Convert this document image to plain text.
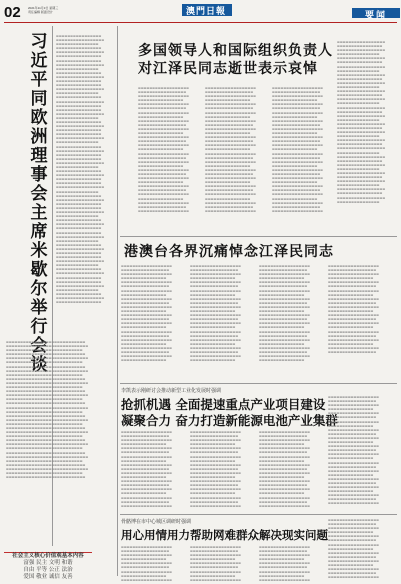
02 2021年11月3日 星期三
责任编辑 版面设计	澳門日報	要闻
习近平同欧洲理事会主席米歇尔举行会谈
▬▬▬▬▬▬▬▬▬▬▬▬▬▬▬▬ ▬▬▬▬▬▬▬▬▬▬▬▬▬▬▬▬▬ ▬▬▬▬▬▬▬▬▬▬▬▬▬▬▬ ▬▬▬▬▬▬▬▬▬▬▬▬▬▬▬▬ ▬▬▬▬▬▬▬▬▬▬▬▬▬▬▬▬▬ ▬▬▬▬▬▬▬▬▬▬▬▬▬▬▬▬ ▬▬▬▬▬▬▬▬▬▬▬▬▬▬▬▬ ▬▬▬▬▬▬▬▬▬▬▬▬▬▬▬▬▬ ▬▬▬▬▬▬▬▬▬▬▬▬▬▬▬ ▬▬▬▬▬▬▬▬▬▬▬▬▬▬▬▬ ▬▬▬▬▬▬▬▬▬▬▬▬▬▬▬▬▬ ▬▬▬▬▬▬▬▬▬▬▬▬▬▬▬▬ ▬▬▬▬▬▬▬▬▬▬▬▬▬▬▬▬ ▬▬▬▬▬▬▬▬▬▬▬▬▬▬▬▬▬ ▬▬▬▬▬▬▬▬▬▬▬▬▬▬▬ ▬▬▬▬▬▬▬▬▬▬▬▬▬▬▬▬ ▬▬▬▬▬▬▬▬▬▬▬▬▬▬▬▬▬ ▬▬▬▬▬▬▬▬▬▬▬▬▬▬▬▬ ▬▬▬▬▬▬▬▬▬▬▬▬▬▬▬▬ ▬▬▬▬▬▬▬▬▬▬▬▬▬▬▬▬▬ ▬▬▬▬▬▬▬▬▬▬▬▬▬▬▬ ▬▬▬▬▬▬▬▬▬▬▬▬▬▬▬▬ ▬▬▬▬▬▬▬▬▬▬▬▬▬▬▬▬▬ ▬▬▬▬▬▬▬▬▬▬▬▬▬▬▬▬ ▬▬▬▬▬▬▬▬▬▬▬▬▬▬▬▬ ▬▬▬▬▬▬▬▬▬▬▬▬▬▬▬▬▬ ▬▬▬▬▬▬▬▬▬▬▬▬▬▬▬ ▬▬▬▬▬▬▬▬▬▬▬▬▬▬▬▬ ▬▬▬▬▬▬▬▬▬▬▬▬▬▬▬▬▬ ▬▬▬▬▬▬▬▬▬▬▬▬▬▬▬▬ ▬▬▬▬▬▬▬▬▬▬▬▬▬▬▬▬ ▬▬▬▬▬▬▬▬▬▬▬▬▬▬▬▬▬ ▬▬▬▬▬▬▬▬▬▬▬▬▬▬▬ ▬▬▬▬▬▬▬▬▬▬▬▬▬▬▬▬ ▬▬▬▬▬▬▬▬▬▬▬▬▬▬▬▬▬ ▬▬▬▬▬▬▬▬▬▬▬▬▬▬▬▬ ▬▬▬▬▬▬▬▬▬▬▬▬▬▬▬▬ ▬▬▬▬▬▬▬▬▬▬▬▬▬▬▬▬▬ ▬▬▬▬▬▬▬▬▬▬▬▬▬▬▬ ▬▬▬▬▬▬▬▬▬▬▬▬▬▬▬▬ ▬▬▬▬▬▬▬▬▬▬▬▬▬▬▬▬▬ ▬▬▬▬▬▬▬▬▬▬▬▬▬▬▬▬ ▬▬▬▬▬▬▬▬▬▬▬▬▬▬▬▬ ▬▬▬▬▬▬▬▬▬▬▬▬▬▬▬▬▬ ▬▬▬▬▬▬▬▬▬▬▬▬▬▬▬ ▬▬▬▬▬▬▬▬▬▬▬▬▬▬▬▬ ▬▬▬▬▬▬▬▬▬▬▬▬▬▬▬▬▬ ▬▬▬▬▬▬▬▬▬▬▬▬▬▬▬▬ ▬▬▬▬▬▬▬▬▬▬▬▬▬▬▬▬ ▬▬▬▬▬▬▬▬▬▬▬▬▬▬▬▬▬ ▬▬▬▬▬▬▬▬▬▬▬▬▬▬▬ ▬▬▬▬▬▬▬▬▬▬▬▬▬▬▬▬ ▬▬▬▬▬▬▬▬▬▬▬▬▬▬▬▬▬ ▬▬▬▬▬▬▬▬▬▬▬▬▬▬▬▬ ▬▬▬▬▬▬▬▬▬▬▬▬▬▬▬▬ ▬▬▬▬▬▬▬▬▬▬▬▬▬▬▬▬▬ ▬▬▬▬▬▬▬▬▬▬▬▬▬▬▬ ▬▬▬▬▬▬▬▬▬▬▬▬▬▬▬▬ ▬▬▬▬▬▬▬▬▬▬▬▬▬▬▬▬▬ ▬▬▬▬▬▬▬▬▬▬▬▬▬▬▬▬ ▬▬▬▬▬▬▬▬▬▬▬▬▬▬▬▬ ▬▬▬▬▬▬▬▬▬▬▬▬▬▬▬▬▬ ▬▬▬▬▬▬▬▬▬▬▬▬▬▬▬ ▬▬▬▬▬▬▬▬▬▬▬▬▬▬▬▬ ▬▬▬▬▬▬▬▬▬▬▬▬▬▬▬▬▬ ▬▬▬▬▬▬▬▬▬▬▬▬▬▬▬▬
▬▬▬▬▬▬▬▬▬▬▬▬▬▬▬▬▬▬▬▬▬▬▬▬▬▬▬▬ ▬▬▬▬▬▬▬▬▬▬▬▬▬▬▬▬▬▬▬▬▬▬▬▬▬▬▬▬▬ ▬▬▬▬▬▬▬▬▬▬▬▬▬▬▬▬▬▬▬▬▬▬▬▬▬▬▬ ▬▬▬▬▬▬▬▬▬▬▬▬▬▬▬▬▬▬▬▬▬▬▬▬▬▬▬▬ ▬▬▬▬▬▬▬▬▬▬▬▬▬▬▬▬▬▬▬▬▬▬▬▬▬▬▬▬▬ ▬▬▬▬▬▬▬▬▬▬▬▬▬▬▬▬▬▬▬▬▬▬▬▬▬▬▬ ▬▬▬▬▬▬▬▬▬▬▬▬▬▬▬▬▬▬▬▬▬▬▬▬▬▬▬▬ ▬▬▬▬▬▬▬▬▬▬▬▬▬▬▬▬▬▬▬▬▬▬▬▬▬▬▬▬▬ ▬▬▬▬▬▬▬▬▬▬▬▬▬▬▬▬▬▬▬▬▬▬▬▬▬▬▬ ▬▬▬▬▬▬▬▬▬▬▬▬▬▬▬▬▬▬▬▬▬▬▬▬▬▬▬▬ ▬▬▬▬▬▬▬▬▬▬▬▬▬▬▬▬▬▬▬▬▬▬▬▬▬▬▬▬▬ ▬▬▬▬▬▬▬▬▬▬▬▬▬▬▬▬▬▬▬▬▬▬▬▬▬▬▬ ▬▬▬▬▬▬▬▬▬▬▬▬▬▬▬▬▬▬▬▬▬▬▬▬▬▬▬▬ ▬▬▬▬▬▬▬▬▬▬▬▬▬▬▬▬▬▬▬▬▬▬▬▬▬▬▬▬▬ ▬▬▬▬▬▬▬▬▬▬▬▬▬▬▬▬▬▬▬▬▬▬▬▬▬▬▬ ▬▬▬▬▬▬▬▬▬▬▬▬▬▬▬▬▬▬▬▬▬▬▬▬▬▬▬▬ ▬▬▬▬▬▬▬▬▬▬▬▬▬▬▬▬▬▬▬▬▬▬▬▬▬▬▬▬▬ ▬▬▬▬▬▬▬▬▬▬▬▬▬▬▬▬▬▬▬▬▬▬▬▬▬▬▬ ▬▬▬▬▬▬▬▬▬▬▬▬▬▬▬▬▬▬▬▬▬▬▬▬▬▬▬▬ ▬▬▬▬▬▬▬▬▬▬▬▬▬▬▬▬▬▬▬▬▬▬▬▬▬▬▬▬▬ ▬▬▬▬▬▬▬▬▬▬▬▬▬▬▬▬▬▬▬▬▬▬▬▬▬▬▬ ▬▬▬▬▬▬▬▬▬▬▬▬▬▬▬▬▬▬▬▬▬▬▬▬▬▬▬▬ ▬▬▬▬▬▬▬▬▬▬▬▬▬▬▬▬▬▬▬▬▬▬▬▬▬▬▬▬▬ ▬▬▬▬▬▬▬▬▬▬▬▬▬▬▬▬▬▬▬▬▬▬▬▬▬▬▬ ▬▬▬▬▬▬▬▬▬▬▬▬▬▬▬▬▬▬▬▬▬▬▬▬▬▬▬▬ ▬▬▬▬▬▬▬▬▬▬▬▬▬▬▬▬▬▬▬▬▬▬▬▬▬▬▬▬▬ ▬▬▬▬▬▬▬▬▬▬▬▬▬▬▬▬▬▬▬▬▬▬▬▬▬▬▬ ▬▬▬▬▬▬▬▬▬▬▬▬▬▬▬▬▬▬▬▬▬▬▬▬▬▬▬▬ ▬▬▬▬▬▬▬▬▬▬▬▬▬▬▬▬▬▬▬▬▬▬▬▬▬▬▬▬▬ ▬▬▬▬▬▬▬▬▬▬▬▬▬▬▬▬▬▬▬▬▬▬▬▬▬▬▬ ▬▬▬▬▬▬▬▬▬▬▬▬▬▬▬▬▬▬▬▬▬▬▬▬▬▬▬▬ ▬▬▬▬▬▬▬▬▬▬▬▬▬▬▬▬▬▬▬▬▬▬▬▬▬▬▬▬▬ ▬▬▬▬▬▬▬▬▬▬▬▬▬▬▬▬▬▬▬▬▬▬▬▬▬▬▬ ▬▬▬▬▬▬▬▬▬▬▬▬▬▬▬▬▬▬▬▬▬▬▬▬▬▬▬▬
多国领导人和国际组织负责人
对江泽民同志逝世表示哀悼
▬▬▬▬▬▬▬▬▬▬▬▬▬▬▬▬▬▬ ▬▬▬▬▬▬▬▬▬▬▬▬▬▬▬▬▬ ▬▬▬▬▬▬▬▬▬▬▬▬▬▬▬▬▬▬ ▬▬▬▬▬▬▬▬▬▬▬▬▬▬▬▬ ▬▬▬▬▬▬▬▬▬▬▬▬▬▬▬▬▬▬ ▬▬▬▬▬▬▬▬▬▬▬▬▬▬▬▬▬ ▬▬▬▬▬▬▬▬▬▬▬▬▬▬▬▬▬▬ ▬▬▬▬▬▬▬▬▬▬▬▬▬▬▬▬ ▬▬▬▬▬▬▬▬▬▬▬▬▬▬▬▬▬▬ ▬▬▬▬▬▬▬▬▬▬▬▬▬▬▬▬▬ ▬▬▬▬▬▬▬▬▬▬▬▬▬▬▬▬▬▬ ▬▬▬▬▬▬▬▬▬▬▬▬▬▬▬▬ ▬▬▬▬▬▬▬▬▬▬▬▬▬▬▬▬▬▬ ▬▬▬▬▬▬▬▬▬▬▬▬▬▬▬▬▬ ▬▬▬▬▬▬▬▬▬▬▬▬▬▬▬▬▬▬ ▬▬▬▬▬▬▬▬▬▬▬▬▬▬▬▬ ▬▬▬▬▬▬▬▬▬▬▬▬▬▬▬▬▬▬ ▬▬▬▬▬▬▬▬▬▬▬▬▬▬▬▬▬ ▬▬▬▬▬▬▬▬▬▬▬▬▬▬▬▬▬▬ ▬▬▬▬▬▬▬▬▬▬▬▬▬▬▬▬ ▬▬▬▬▬▬▬▬▬▬▬▬▬▬▬▬▬▬ ▬▬▬▬▬▬▬▬▬▬▬▬▬▬▬▬▬ ▬▬▬▬▬▬▬▬▬▬▬▬▬▬▬▬▬▬ ▬▬▬▬▬▬▬▬▬▬▬▬▬▬▬▬ ▬▬▬▬▬▬▬▬▬▬▬▬▬▬▬▬▬▬ ▬▬▬▬▬▬▬▬▬▬▬▬▬▬▬▬▬ ▬▬▬▬▬▬▬▬▬▬▬▬▬▬▬▬▬▬ ▬▬▬▬▬▬▬▬▬▬▬▬▬▬▬▬ ▬▬▬▬▬▬▬▬▬▬▬▬▬▬▬▬▬▬ ▬▬▬▬▬▬▬▬▬▬▬▬▬▬▬▬▬ ▬▬▬▬▬▬▬▬▬▬▬▬▬▬▬▬▬▬
▬▬▬▬▬▬▬▬▬▬▬▬▬▬▬▬▬▬ ▬▬▬▬▬▬▬▬▬▬▬▬▬▬▬▬▬ ▬▬▬▬▬▬▬▬▬▬▬▬▬▬▬▬▬▬ ▬▬▬▬▬▬▬▬▬▬▬▬▬▬▬▬ ▬▬▬▬▬▬▬▬▬▬▬▬▬▬▬▬▬▬ ▬▬▬▬▬▬▬▬▬▬▬▬▬▬▬▬▬ ▬▬▬▬▬▬▬▬▬▬▬▬▬▬▬▬▬▬ ▬▬▬▬▬▬▬▬▬▬▬▬▬▬▬▬ ▬▬▬▬▬▬▬▬▬▬▬▬▬▬▬▬▬▬ ▬▬▬▬▬▬▬▬▬▬▬▬▬▬▬▬▬ ▬▬▬▬▬▬▬▬▬▬▬▬▬▬▬▬▬▬ ▬▬▬▬▬▬▬▬▬▬▬▬▬▬▬▬ ▬▬▬▬▬▬▬▬▬▬▬▬▬▬▬▬▬▬ ▬▬▬▬▬▬▬▬▬▬▬▬▬▬▬▬▬ ▬▬▬▬▬▬▬▬▬▬▬▬▬▬▬▬▬▬ ▬▬▬▬▬▬▬▬▬▬▬▬▬▬▬▬ ▬▬▬▬▬▬▬▬▬▬▬▬▬▬▬▬▬▬ ▬▬▬▬▬▬▬▬▬▬▬▬▬▬▬▬▬ ▬▬▬▬▬▬▬▬▬▬▬▬▬▬▬▬▬▬ ▬▬▬▬▬▬▬▬▬▬▬▬▬▬▬▬ ▬▬▬▬▬▬▬▬▬▬▬▬▬▬▬▬▬▬ ▬▬▬▬▬▬▬▬▬▬▬▬▬▬▬▬▬ ▬▬▬▬▬▬▬▬▬▬▬▬▬▬▬▬▬▬ ▬▬▬▬▬▬▬▬▬▬▬▬▬▬▬▬ ▬▬▬▬▬▬▬▬▬▬▬▬▬▬▬▬▬▬ ▬▬▬▬▬▬▬▬▬▬▬▬▬▬▬▬▬ ▬▬▬▬▬▬▬▬▬▬▬▬▬▬▬▬▬▬ ▬▬▬▬▬▬▬▬▬▬▬▬▬▬▬▬ ▬▬▬▬▬▬▬▬▬▬▬▬▬▬▬▬▬▬ ▬▬▬▬▬▬▬▬▬▬▬▬▬▬▬▬▬ ▬▬▬▬▬▬▬▬▬▬▬▬▬▬▬▬▬▬
▬▬▬▬▬▬▬▬▬▬▬▬▬▬▬▬▬▬ ▬▬▬▬▬▬▬▬▬▬▬▬▬▬▬▬▬ ▬▬▬▬▬▬▬▬▬▬▬▬▬▬▬▬▬▬ ▬▬▬▬▬▬▬▬▬▬▬▬▬▬▬▬ ▬▬▬▬▬▬▬▬▬▬▬▬▬▬▬▬▬▬ ▬▬▬▬▬▬▬▬▬▬▬▬▬▬▬▬▬ ▬▬▬▬▬▬▬▬▬▬▬▬▬▬▬▬▬▬ ▬▬▬▬▬▬▬▬▬▬▬▬▬▬▬▬ ▬▬▬▬▬▬▬▬▬▬▬▬▬▬▬▬▬▬ ▬▬▬▬▬▬▬▬▬▬▬▬▬▬▬▬▬ ▬▬▬▬▬▬▬▬▬▬▬▬▬▬▬▬▬▬ ▬▬▬▬▬▬▬▬▬▬▬▬▬▬▬▬ ▬▬▬▬▬▬▬▬▬▬▬▬▬▬▬▬▬▬ ▬▬▬▬▬▬▬▬▬▬▬▬▬▬▬▬▬ ▬▬▬▬▬▬▬▬▬▬▬▬▬▬▬▬▬▬ ▬▬▬▬▬▬▬▬▬▬▬▬▬▬▬▬ ▬▬▬▬▬▬▬▬▬▬▬▬▬▬▬▬▬▬ ▬▬▬▬▬▬▬▬▬▬▬▬▬▬▬▬▬ ▬▬▬▬▬▬▬▬▬▬▬▬▬▬▬▬▬▬ ▬▬▬▬▬▬▬▬▬▬▬▬▬▬▬▬ ▬▬▬▬▬▬▬▬▬▬▬▬▬▬▬▬▬▬ ▬▬▬▬▬▬▬▬▬▬▬▬▬▬▬▬▬ ▬▬▬▬▬▬▬▬▬▬▬▬▬▬▬▬▬▬ ▬▬▬▬▬▬▬▬▬▬▬▬▬▬▬▬ ▬▬▬▬▬▬▬▬▬▬▬▬▬▬▬▬▬▬ ▬▬▬▬▬▬▬▬▬▬▬▬▬▬▬▬▬ ▬▬▬▬▬▬▬▬▬▬▬▬▬▬▬▬▬▬ ▬▬▬▬▬▬▬▬▬▬▬▬▬▬▬▬ ▬▬▬▬▬▬▬▬▬▬▬▬▬▬▬▬▬▬ ▬▬▬▬▬▬▬▬▬▬▬▬▬▬▬▬▬ ▬▬▬▬▬▬▬▬▬▬▬▬▬▬▬▬▬▬
▬▬▬▬▬▬▬▬▬▬▬▬▬▬▬▬▬ ▬▬▬▬▬▬▬▬▬▬▬▬▬▬▬▬ ▬▬▬▬▬▬▬▬▬▬▬▬▬▬▬▬▬ ▬▬▬▬▬▬▬▬▬▬▬▬▬▬▬ ▬▬▬▬▬▬▬▬▬▬▬▬▬▬▬▬▬ ▬▬▬▬▬▬▬▬▬▬▬▬▬▬▬▬ ▬▬▬▬▬▬▬▬▬▬▬▬▬▬▬▬▬ ▬▬▬▬▬▬▬▬▬▬▬▬▬▬▬ ▬▬▬▬▬▬▬▬▬▬▬▬▬▬▬▬▬ ▬▬▬▬▬▬▬▬▬▬▬▬▬▬▬▬ ▬▬▬▬▬▬▬▬▬▬▬▬▬▬▬▬▬ ▬▬▬▬▬▬▬▬▬▬▬▬▬▬▬ ▬▬▬▬▬▬▬▬▬▬▬▬▬▬▬▬▬ ▬▬▬▬▬▬▬▬▬▬▬▬▬▬▬▬ ▬▬▬▬▬▬▬▬▬▬▬▬▬▬▬▬▬ ▬▬▬▬▬▬▬▬▬▬▬▬▬▬▬ ▬▬▬▬▬▬▬▬▬▬▬▬▬▬▬▬▬ ▬▬▬▬▬▬▬▬▬▬▬▬▬▬▬▬ ▬▬▬▬▬▬▬▬▬▬▬▬▬▬▬▬▬ ▬▬▬▬▬▬▬▬▬▬▬▬▬▬▬ ▬▬▬▬▬▬▬▬▬▬▬▬▬▬▬▬▬ ▬▬▬▬▬▬▬▬▬▬▬▬▬▬▬▬ ▬▬▬▬▬▬▬▬▬▬▬▬▬▬▬▬▬ ▬▬▬▬▬▬▬▬▬▬▬▬▬▬▬ ▬▬▬▬▬▬▬▬▬▬▬▬▬▬▬▬▬ ▬▬▬▬▬▬▬▬▬▬▬▬▬▬▬▬ ▬▬▬▬▬▬▬▬▬▬▬▬▬▬▬▬▬ ▬▬▬▬▬▬▬▬▬▬▬▬▬▬▬ ▬▬▬▬▬▬▬▬▬▬▬▬▬▬▬▬▬ ▬▬▬▬▬▬▬▬▬▬▬▬▬▬▬▬ ▬▬▬▬▬▬▬▬▬▬▬▬▬▬▬▬▬ ▬▬▬▬▬▬▬▬▬▬▬▬▬▬▬ ▬▬▬▬▬▬▬▬▬▬▬▬▬▬▬▬▬ ▬▬▬▬▬▬▬▬▬▬▬▬▬▬▬▬ ▬▬▬▬▬▬▬▬▬▬▬▬▬▬▬▬▬ ▬▬▬▬▬▬▬▬▬▬▬▬▬▬▬ ▬▬▬▬▬▬▬▬▬▬▬▬▬▬▬▬▬ ▬▬▬▬▬▬▬▬▬▬▬▬▬▬▬▬ ▬▬▬▬▬▬▬▬▬▬▬▬▬▬▬▬▬ ▬▬▬▬▬▬▬▬▬▬▬▬▬▬▬
港澳台各界沉痛悼念江泽民同志
▬▬▬▬▬▬▬▬▬▬▬▬▬▬▬▬▬▬ ▬▬▬▬▬▬▬▬▬▬▬▬▬▬▬▬▬ ▬▬▬▬▬▬▬▬▬▬▬▬▬▬▬▬▬▬ ▬▬▬▬▬▬▬▬▬▬▬▬▬▬▬▬ ▬▬▬▬▬▬▬▬▬▬▬▬▬▬▬▬▬▬ ▬▬▬▬▬▬▬▬▬▬▬▬▬▬▬▬▬ ▬▬▬▬▬▬▬▬▬▬▬▬▬▬▬▬▬▬ ▬▬▬▬▬▬▬▬▬▬▬▬▬▬▬▬ ▬▬▬▬▬▬▬▬▬▬▬▬▬▬▬▬▬▬ ▬▬▬▬▬▬▬▬▬▬▬▬▬▬▬▬▬ ▬▬▬▬▬▬▬▬▬▬▬▬▬▬▬▬▬▬ ▬▬▬▬▬▬▬▬▬▬▬▬▬▬▬▬ ▬▬▬▬▬▬▬▬▬▬▬▬▬▬▬▬▬▬ ▬▬▬▬▬▬▬▬▬▬▬▬▬▬▬▬▬ ▬▬▬▬▬▬▬▬▬▬▬▬▬▬▬▬▬▬ ▬▬▬▬▬▬▬▬▬▬▬▬▬▬▬▬ ▬▬▬▬▬▬▬▬▬▬▬▬▬▬▬▬▬▬ ▬▬▬▬▬▬▬▬▬▬▬▬▬▬▬▬▬ ▬▬▬▬▬▬▬▬▬▬▬▬▬▬▬▬▬▬ ▬▬▬▬▬▬▬▬▬▬▬▬▬▬▬▬ ▬▬▬▬▬▬▬▬▬▬▬▬▬▬▬▬▬▬ ▬▬▬▬▬▬▬▬▬▬▬▬▬▬▬▬▬ ▬▬▬▬▬▬▬▬▬▬▬▬▬▬▬▬▬▬ ▬▬▬▬▬▬▬▬▬▬▬▬▬▬▬▬
▬▬▬▬▬▬▬▬▬▬▬▬▬▬▬▬▬▬ ▬▬▬▬▬▬▬▬▬▬▬▬▬▬▬▬▬ ▬▬▬▬▬▬▬▬▬▬▬▬▬▬▬▬▬▬ ▬▬▬▬▬▬▬▬▬▬▬▬▬▬▬▬ ▬▬▬▬▬▬▬▬▬▬▬▬▬▬▬▬▬▬ ▬▬▬▬▬▬▬▬▬▬▬▬▬▬▬▬▬ ▬▬▬▬▬▬▬▬▬▬▬▬▬▬▬▬▬▬ ▬▬▬▬▬▬▬▬▬▬▬▬▬▬▬▬ ▬▬▬▬▬▬▬▬▬▬▬▬▬▬▬▬▬▬ ▬▬▬▬▬▬▬▬▬▬▬▬▬▬▬▬▬ ▬▬▬▬▬▬▬▬▬▬▬▬▬▬▬▬▬▬ ▬▬▬▬▬▬▬▬▬▬▬▬▬▬▬▬ ▬▬▬▬▬▬▬▬▬▬▬▬▬▬▬▬▬▬ ▬▬▬▬▬▬▬▬▬▬▬▬▬▬▬▬▬ ▬▬▬▬▬▬▬▬▬▬▬▬▬▬▬▬▬▬ ▬▬▬▬▬▬▬▬▬▬▬▬▬▬▬▬ ▬▬▬▬▬▬▬▬▬▬▬▬▬▬▬▬▬▬ ▬▬▬▬▬▬▬▬▬▬▬▬▬▬▬▬▬ ▬▬▬▬▬▬▬▬▬▬▬▬▬▬▬▬▬▬ ▬▬▬▬▬▬▬▬▬▬▬▬▬▬▬▬ ▬▬▬▬▬▬▬▬▬▬▬▬▬▬▬▬▬▬ ▬▬▬▬▬▬▬▬▬▬▬▬▬▬▬▬▬ ▬▬▬▬▬▬▬▬▬▬▬▬▬▬▬▬▬▬ ▬▬▬▬▬▬▬▬▬▬▬▬▬▬▬▬
▬▬▬▬▬▬▬▬▬▬▬▬▬▬▬▬▬▬ ▬▬▬▬▬▬▬▬▬▬▬▬▬▬▬▬▬ ▬▬▬▬▬▬▬▬▬▬▬▬▬▬▬▬▬▬ ▬▬▬▬▬▬▬▬▬▬▬▬▬▬▬▬ ▬▬▬▬▬▬▬▬▬▬▬▬▬▬▬▬▬▬ ▬▬▬▬▬▬▬▬▬▬▬▬▬▬▬▬▬ ▬▬▬▬▬▬▬▬▬▬▬▬▬▬▬▬▬▬ ▬▬▬▬▬▬▬▬▬▬▬▬▬▬▬▬ ▬▬▬▬▬▬▬▬▬▬▬▬▬▬▬▬▬▬ ▬▬▬▬▬▬▬▬▬▬▬▬▬▬▬▬▬ ▬▬▬▬▬▬▬▬▬▬▬▬▬▬▬▬▬▬ ▬▬▬▬▬▬▬▬▬▬▬▬▬▬▬▬ ▬▬▬▬▬▬▬▬▬▬▬▬▬▬▬▬▬▬ ▬▬▬▬▬▬▬▬▬▬▬▬▬▬▬▬▬ ▬▬▬▬▬▬▬▬▬▬▬▬▬▬▬▬▬▬ ▬▬▬▬▬▬▬▬▬▬▬▬▬▬▬▬ ▬▬▬▬▬▬▬▬▬▬▬▬▬▬▬▬▬▬ ▬▬▬▬▬▬▬▬▬▬▬▬▬▬▬▬▬ ▬▬▬▬▬▬▬▬▬▬▬▬▬▬▬▬▬▬ ▬▬▬▬▬▬▬▬▬▬▬▬▬▬▬▬ ▬▬▬▬▬▬▬▬▬▬▬▬▬▬▬▬▬▬ ▬▬▬▬▬▬▬▬▬▬▬▬▬▬▬▬▬ ▬▬▬▬▬▬▬▬▬▬▬▬▬▬▬▬▬▬ ▬▬▬▬▬▬▬▬▬▬▬▬▬▬▬▬
▬▬▬▬▬▬▬▬▬▬▬▬▬▬▬▬▬▬ ▬▬▬▬▬▬▬▬▬▬▬▬▬▬▬▬▬ ▬▬▬▬▬▬▬▬▬▬▬▬▬▬▬▬▬▬ ▬▬▬▬▬▬▬▬▬▬▬▬▬▬▬▬ ▬▬▬▬▬▬▬▬▬▬▬▬▬▬▬▬▬▬ ▬▬▬▬▬▬▬▬▬▬▬▬▬▬▬▬▬ ▬▬▬▬▬▬▬▬▬▬▬▬▬▬▬▬▬▬ ▬▬▬▬▬▬▬▬▬▬▬▬▬▬▬▬ ▬▬▬▬▬▬▬▬▬▬▬▬▬▬▬▬▬▬ ▬▬▬▬▬▬▬▬▬▬▬▬▬▬▬▬▬ ▬▬▬▬▬▬▬▬▬▬▬▬▬▬▬▬▬▬ ▬▬▬▬▬▬▬▬▬▬▬▬▬▬▬▬ ▬▬▬▬▬▬▬▬▬▬▬▬▬▬▬▬▬▬ ▬▬▬▬▬▬▬▬▬▬▬▬▬▬▬▬▬ ▬▬▬▬▬▬▬▬▬▬▬▬▬▬▬▬▬▬ ▬▬▬▬▬▬▬▬▬▬▬▬▬▬▬▬ ▬▬▬▬▬▬▬▬▬▬▬▬▬▬▬▬▬▬ ▬▬▬▬▬▬▬▬▬▬▬▬▬▬▬▬▬ ▬▬▬▬▬▬▬▬▬▬▬▬▬▬▬▬▬▬ ▬▬▬▬▬▬▬▬▬▬▬▬▬▬▬▬ ▬▬▬▬▬▬▬▬▬▬▬▬▬▬▬▬▬▬ ▬▬▬▬▬▬▬▬▬▬▬▬▬▬▬▬▬
李凯表示刚研讨会推动新型工业化发展时强调
抢抓机遇 全面提速重点产业项目建设
凝聚合力 奋力打造新能源电池产业集群
▬▬▬▬▬▬▬▬▬▬▬▬▬▬▬▬▬▬ ▬▬▬▬▬▬▬▬▬▬▬▬▬▬▬▬▬ ▬▬▬▬▬▬▬▬▬▬▬▬▬▬▬▬▬▬ ▬▬▬▬▬▬▬▬▬▬▬▬▬▬▬▬ ▬▬▬▬▬▬▬▬▬▬▬▬▬▬▬▬▬▬ ▬▬▬▬▬▬▬▬▬▬▬▬▬▬▬▬▬ ▬▬▬▬▬▬▬▬▬▬▬▬▬▬▬▬▬▬ ▬▬▬▬▬▬▬▬▬▬▬▬▬▬▬▬ ▬▬▬▬▬▬▬▬▬▬▬▬▬▬▬▬▬▬ ▬▬▬▬▬▬▬▬▬▬▬▬▬▬▬▬▬ ▬▬▬▬▬▬▬▬▬▬▬▬▬▬▬▬▬▬ ▬▬▬▬▬▬▬▬▬▬▬▬▬▬▬▬ ▬▬▬▬▬▬▬▬▬▬▬▬▬▬▬▬▬▬ ▬▬▬▬▬▬▬▬▬▬▬▬▬▬▬▬▬ ▬▬▬▬▬▬▬▬▬▬▬▬▬▬▬▬▬▬ ▬▬▬▬▬▬▬▬▬▬▬▬▬▬▬▬ ▬▬▬▬▬▬▬▬▬▬▬▬▬▬▬▬▬▬ ▬▬▬▬▬▬▬▬▬▬▬▬▬▬▬▬▬ ▬▬▬▬▬▬▬▬▬▬▬▬▬▬▬▬▬▬
▬▬▬▬▬▬▬▬▬▬▬▬▬▬▬▬▬▬ ▬▬▬▬▬▬▬▬▬▬▬▬▬▬▬▬▬ ▬▬▬▬▬▬▬▬▬▬▬▬▬▬▬▬▬▬ ▬▬▬▬▬▬▬▬▬▬▬▬▬▬▬▬ ▬▬▬▬▬▬▬▬▬▬▬▬▬▬▬▬▬▬ ▬▬▬▬▬▬▬▬▬▬▬▬▬▬▬▬▬ ▬▬▬▬▬▬▬▬▬▬▬▬▬▬▬▬▬▬ ▬▬▬▬▬▬▬▬▬▬▬▬▬▬▬▬ ▬▬▬▬▬▬▬▬▬▬▬▬▬▬▬▬▬▬ ▬▬▬▬▬▬▬▬▬▬▬▬▬▬▬▬▬ ▬▬▬▬▬▬▬▬▬▬▬▬▬▬▬▬▬▬ ▬▬▬▬▬▬▬▬▬▬▬▬▬▬▬▬ ▬▬▬▬▬▬▬▬▬▬▬▬▬▬▬▬▬▬ ▬▬▬▬▬▬▬▬▬▬▬▬▬▬▬▬▬ ▬▬▬▬▬▬▬▬▬▬▬▬▬▬▬▬▬▬ ▬▬▬▬▬▬▬▬▬▬▬▬▬▬▬▬ ▬▬▬▬▬▬▬▬▬▬▬▬▬▬▬▬▬▬ ▬▬▬▬▬▬▬▬▬▬▬▬▬▬▬▬▬ ▬▬▬▬▬▬▬▬▬▬▬▬▬▬▬▬▬▬
▬▬▬▬▬▬▬▬▬▬▬▬▬▬▬▬▬▬ ▬▬▬▬▬▬▬▬▬▬▬▬▬▬▬▬▬ ▬▬▬▬▬▬▬▬▬▬▬▬▬▬▬▬▬▬ ▬▬▬▬▬▬▬▬▬▬▬▬▬▬▬▬ ▬▬▬▬▬▬▬▬▬▬▬▬▬▬▬▬▬▬ ▬▬▬▬▬▬▬▬▬▬▬▬▬▬▬▬▬ ▬▬▬▬▬▬▬▬▬▬▬▬▬▬▬▬▬▬ ▬▬▬▬▬▬▬▬▬▬▬▬▬▬▬▬ ▬▬▬▬▬▬▬▬▬▬▬▬▬▬▬▬▬▬ ▬▬▬▬▬▬▬▬▬▬▬▬▬▬▬▬▬ ▬▬▬▬▬▬▬▬▬▬▬▬▬▬▬▬▬▬ ▬▬▬▬▬▬▬▬▬▬▬▬▬▬▬▬ ▬▬▬▬▬▬▬▬▬▬▬▬▬▬▬▬▬▬ ▬▬▬▬▬▬▬▬▬▬▬▬▬▬▬▬▬ ▬▬▬▬▬▬▬▬▬▬▬▬▬▬▬▬▬▬ ▬▬▬▬▬▬▬▬▬▬▬▬▬▬▬▬ ▬▬▬▬▬▬▬▬▬▬▬▬▬▬▬▬▬▬ ▬▬▬▬▬▬▬▬▬▬▬▬▬▬▬▬▬ ▬▬▬▬▬▬▬▬▬▬▬▬▬▬▬▬▬▬
▬▬▬▬▬▬▬▬▬▬▬▬▬▬▬▬▬▬ ▬▬▬▬▬▬▬▬▬▬▬▬▬▬▬▬▬ ▬▬▬▬▬▬▬▬▬▬▬▬▬▬▬▬▬▬ ▬▬▬▬▬▬▬▬▬▬▬▬▬▬▬▬ ▬▬▬▬▬▬▬▬▬▬▬▬▬▬▬▬▬▬ ▬▬▬▬▬▬▬▬▬▬▬▬▬▬▬▬▬ ▬▬▬▬▬▬▬▬▬▬▬▬▬▬▬▬▬▬ ▬▬▬▬▬▬▬▬▬▬▬▬▬▬▬▬ ▬▬▬▬▬▬▬▬▬▬▬▬▬▬▬▬▬▬ ▬▬▬▬▬▬▬▬▬▬▬▬▬▬▬▬▬ ▬▬▬▬▬▬▬▬▬▬▬▬▬▬▬▬▬▬ ▬▬▬▬▬▬▬▬▬▬▬▬▬▬▬▬ ▬▬▬▬▬▬▬▬▬▬▬▬▬▬▬▬▬▬ ▬▬▬▬▬▬▬▬▬▬▬▬▬▬▬▬▬ ▬▬▬▬▬▬▬▬▬▬▬▬▬▬▬▬▬▬ ▬▬▬▬▬▬▬▬▬▬▬▬▬▬▬▬ ▬▬▬▬▬▬▬▬▬▬▬▬▬▬▬▬▬▬ ▬▬▬▬▬▬▬▬▬▬▬▬▬▬▬▬▬ ▬▬▬▬▬▬▬▬▬▬▬▬▬▬▬▬▬▬ ▬▬▬▬▬▬▬▬▬▬▬▬▬▬▬▬ ▬▬▬▬▬▬▬▬▬▬▬▬▬▬▬▬▬▬ ▬▬▬▬▬▬▬▬▬▬▬▬▬▬▬▬▬ ▬▬▬▬▬▬▬▬▬▬▬▬▬▬▬▬▬▬ ▬▬▬▬▬▬▬▬▬▬▬▬▬▬▬▬ ▬▬▬▬▬▬▬▬▬▬▬▬▬▬▬▬▬▬ ▬▬▬▬▬▬▬▬▬▬▬▬▬▬▬▬▬ ▬▬▬▬▬▬▬▬▬▬▬▬▬▬▬▬▬▬
骨骼博在市中心城区调研时强调
用心用情用力帮助网难群众解决现实问题
▬▬▬▬▬▬▬▬▬▬▬▬▬▬▬▬▬▬ ▬▬▬▬▬▬▬▬▬▬▬▬▬▬▬▬▬ ▬▬▬▬▬▬▬▬▬▬▬▬▬▬▬▬▬▬ ▬▬▬▬▬▬▬▬▬▬▬▬▬▬▬▬ ▬▬▬▬▬▬▬▬▬▬▬▬▬▬▬▬▬▬ ▬▬▬▬▬▬▬▬▬▬▬▬▬▬▬▬▬ ▬▬▬▬▬▬▬▬▬▬▬▬▬▬▬▬▬▬ ▬▬▬▬▬▬▬▬▬▬▬▬▬▬▬▬ ▬▬▬▬▬▬▬▬▬▬▬▬▬▬▬▬▬▬
▬▬▬▬▬▬▬▬▬▬▬▬▬▬▬▬▬▬ ▬▬▬▬▬▬▬▬▬▬▬▬▬▬▬▬▬ ▬▬▬▬▬▬▬▬▬▬▬▬▬▬▬▬▬▬ ▬▬▬▬▬▬▬▬▬▬▬▬▬▬▬▬ ▬▬▬▬▬▬▬▬▬▬▬▬▬▬▬▬▬▬ ▬▬▬▬▬▬▬▬▬▬▬▬▬▬▬▬▬ ▬▬▬▬▬▬▬▬▬▬▬▬▬▬▬▬▬▬ ▬▬▬▬▬▬▬▬▬▬▬▬▬▬▬▬ ▬▬▬▬▬▬▬▬▬▬▬▬▬▬▬▬▬▬
▬▬▬▬▬▬▬▬▬▬▬▬▬▬▬▬▬▬ ▬▬▬▬▬▬▬▬▬▬▬▬▬▬▬▬▬ ▬▬▬▬▬▬▬▬▬▬▬▬▬▬▬▬▬▬ ▬▬▬▬▬▬▬▬▬▬▬▬▬▬▬▬ ▬▬▬▬▬▬▬▬▬▬▬▬▬▬▬▬▬▬ ▬▬▬▬▬▬▬▬▬▬▬▬▬▬▬▬▬ ▬▬▬▬▬▬▬▬▬▬▬▬▬▬▬▬▬▬ ▬▬▬▬▬▬▬▬▬▬▬▬▬▬▬▬ ▬▬▬▬▬▬▬▬▬▬▬▬▬▬▬▬▬▬
▬▬▬▬▬▬▬▬▬▬▬▬▬▬▬▬▬▬ ▬▬▬▬▬▬▬▬▬▬▬▬▬▬▬▬▬ ▬▬▬▬▬▬▬▬▬▬▬▬▬▬▬▬▬▬ ▬▬▬▬▬▬▬▬▬▬▬▬▬▬▬▬ ▬▬▬▬▬▬▬▬▬▬▬▬▬▬▬▬▬▬ ▬▬▬▬▬▬▬▬▬▬▬▬▬▬▬▬▬ ▬▬▬▬▬▬▬▬▬▬▬▬▬▬▬▬▬▬ ▬▬▬▬▬▬▬▬▬▬▬▬▬▬▬▬ ▬▬▬▬▬▬▬▬▬▬▬▬▬▬▬▬▬▬ ▬▬▬▬▬▬▬▬▬▬▬▬▬▬▬▬▬ ▬▬▬▬▬▬▬▬▬▬▬▬▬▬▬▬▬▬ ▬▬▬▬▬▬▬▬▬▬▬▬▬▬▬▬ ▬▬▬▬▬▬▬▬▬▬▬▬▬▬▬▬▬▬ ▬▬▬▬▬▬▬▬▬▬▬▬▬▬▬▬▬ ▬▬▬▬▬▬▬▬▬▬▬▬▬▬▬▬▬▬
社会主义核心价值观基本内容
富强 民主 文明 和谐
自由 平等 公正 法治
爱国 敬业 诚信 友善
